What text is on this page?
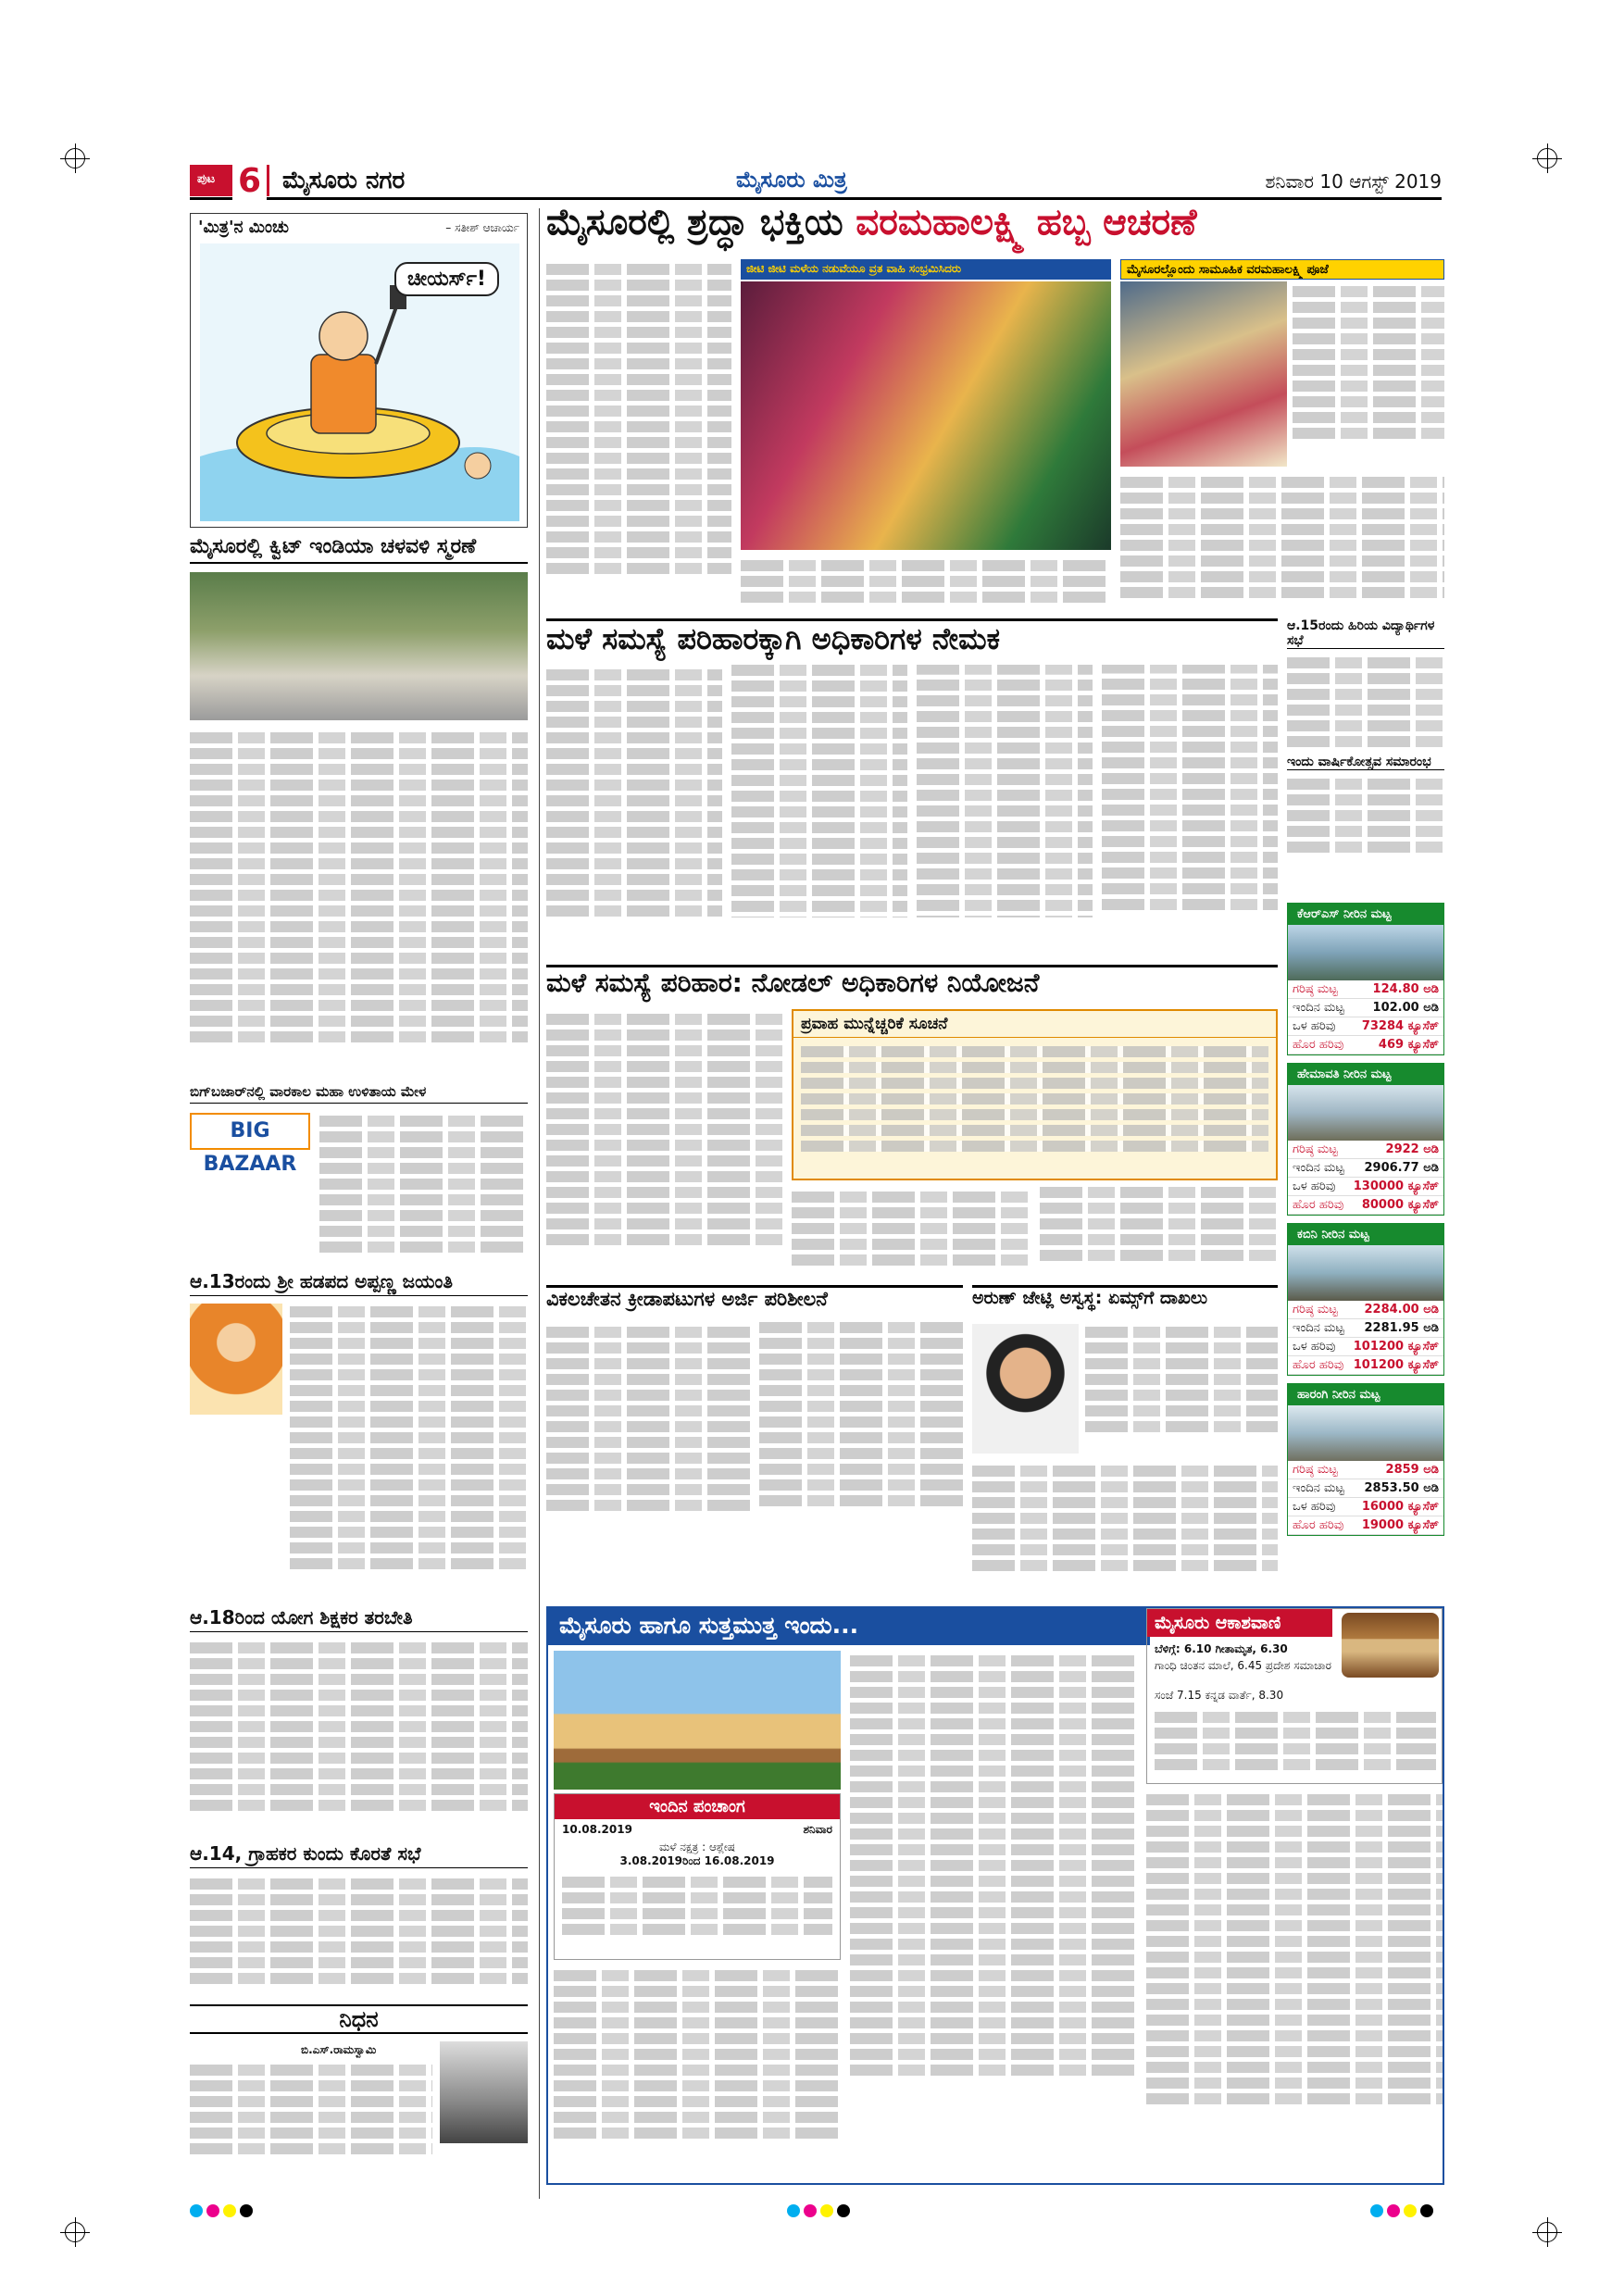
ಪುಟ 6 ಮೈಸೂರು ನಗರ	ಮೈಸೂರು ಮಿತ್ರ	ಶನಿವಾರ 10 ಆಗಸ್ಟ್ 2019
'ಮಿತ್ರ'ನ ಮಿಂಚು	– ಸತೀಶ್ ಆಚಾರ್ಯ
ಚೀಯರ್ಸ್!
ಮೈಸೂರಲ್ಲಿ ಕ್ವಿಟ್ ಇಂಡಿಯಾ ಚಳವಳಿ ಸ್ಮರಣೆ
ಬಿಗ್‌ಬಜಾರ್‌ನಲ್ಲಿ ವಾರಕಾಲ ಮಹಾ ಉಳಿತಾಯ ಮೇಳ
BIG BAZAAR
ಆ.13ರಂದು ಶ್ರೀ ಹಡಪದ ಅಪ್ಪಣ್ಣ ಜಯಂತಿ
ಆ.18ರಿಂದ ಯೋಗ ಶಿಕ್ಷಕರ ತರಬೇತಿ
ಆ.14, ಗ್ರಾಹಕರ ಕುಂದು ಕೊರತೆ ಸಭೆ
ನಿಧನ
ಬಿ.ಎಸ್.ರಾಮಸ್ವಾಮಿ
ಮೈಸೂರಲ್ಲಿ ಶ್ರದ್ಧಾ ಭಕ್ತಿಯ ವರಮಹಾಲಕ್ಷ್ಮಿ ಹಬ್ಬ ಆಚರಣೆ
ಜೀಟಿ ಜೀಟಿ ಮಳೆಯ ನಡುವೆಯೂ ವ್ರತ ವಾಹಿ ಸಂಭ್ರಮಿಸಿದರು	ಮೈಸೂರಲ್ಲೊಂದು ಸಾಮೂಹಿಕ ವರಮಹಾಲಕ್ಷ್ಮಿ ಪೂಜೆ
ಮಳೆ ಸಮಸ್ಯೆ ಪರಿಹಾರಕ್ಕಾಗಿ ಅಧಿಕಾರಿಗಳ ನೇಮಕ	ಆ.15ರಂದು ಹಿರಿಯ ವಿದ್ಯಾರ್ಥಿಗಳ ಸಭೆ
ಇಂದು ವಾರ್ಷಿಕೋತ್ಸವ ಸಮಾರಂಭ
ಕೆಆರ್‌ಎಸ್ ನೀರಿನ ಮಟ್ಟ
ಗರಿಷ್ಠ ಮಟ್ಟ	124.80 ಅಡಿ
ಇಂದಿನ ಮಟ್ಟ	102.00 ಅಡಿ
ಒಳ ಹರಿವು	73284 ಕ್ಯೂಸೆಕ್
ಹೊರ ಹರಿವು	469 ಕ್ಯೂಸೆಕ್
ಹೇಮಾವತಿ ನೀರಿನ ಮಟ್ಟ
ಗರಿಷ್ಠ ಮಟ್ಟ	2922 ಅಡಿ
ಇಂದಿನ ಮಟ್ಟ	2906.77 ಅಡಿ
ಒಳ ಹರಿವು	130000 ಕ್ಯೂಸೆಕ್
ಹೊರ ಹರಿವು	80000 ಕ್ಯೂಸೆಕ್
ಕಬಿನಿ ನೀರಿನ ಮಟ್ಟ
ಗರಿಷ್ಠ ಮಟ್ಟ	2284.00 ಅಡಿ
ಇಂದಿನ ಮಟ್ಟ	2281.95 ಅಡಿ
ಒಳ ಹರಿವು	101200 ಕ್ಯೂಸೆಕ್
ಹೊರ ಹರಿವು	101200 ಕ್ಯೂಸೆಕ್
ಹಾರಂಗಿ ನೀರಿನ ಮಟ್ಟ
ಗರಿಷ್ಠ ಮಟ್ಟ	2859 ಅಡಿ
ಇಂದಿನ ಮಟ್ಟ	2853.50 ಅಡಿ
ಒಳ ಹರಿವು	16000 ಕ್ಯೂಸೆಕ್
ಹೊರ ಹರಿವು	19000 ಕ್ಯೂಸೆಕ್
ಮಳೆ ಸಮಸ್ಯೆ ಪರಿಹಾರ: ನೋಡಲ್ ಅಧಿಕಾರಿಗಳ ನಿಯೋಜನೆ
ಪ್ರವಾಹ ಮುನ್ನೆಚ್ಚರಿಕೆ ಸೂಚನೆ
ವಿಕಲಚೇತನ ಕ್ರೀಡಾಪಟುಗಳ ಅರ್ಜಿ ಪರಿಶೀಲನೆ	ಅರುಣ್ ಜೇಟ್ಲಿ ಅಸ್ವಸ್ಥ: ಏಮ್ಸ್‌ಗೆ ದಾಖಲು
ಮೈಸೂರು ಹಾಗೂ ಸುತ್ತಮುತ್ತ ಇಂದು...
ಇಂದಿನ ಪಂಚಾಂಗ
10.08.2019	ಶನಿವಾರ
ಮಳೆ ನಕ್ಷತ್ರ : ಆಶ್ಲೇಷ
3.08.2019ರಿಂದ 16.08.2019
ಮೈಸೂರು ಆಕಾಶವಾಣಿ
ಬೆಳಿಗ್ಗೆ: 6.10 ಗೀತಾಮೃತ, 6.30
ಗಾಂಧಿ ಚಿಂತನ ಮಾಲೆ, 6.45 ಪ್ರದೇಶ ಸಮಾಚಾರ
ಸಂಜೆ 7.15 ಕನ್ನಡ ವಾರ್ತೆ, 8.30
